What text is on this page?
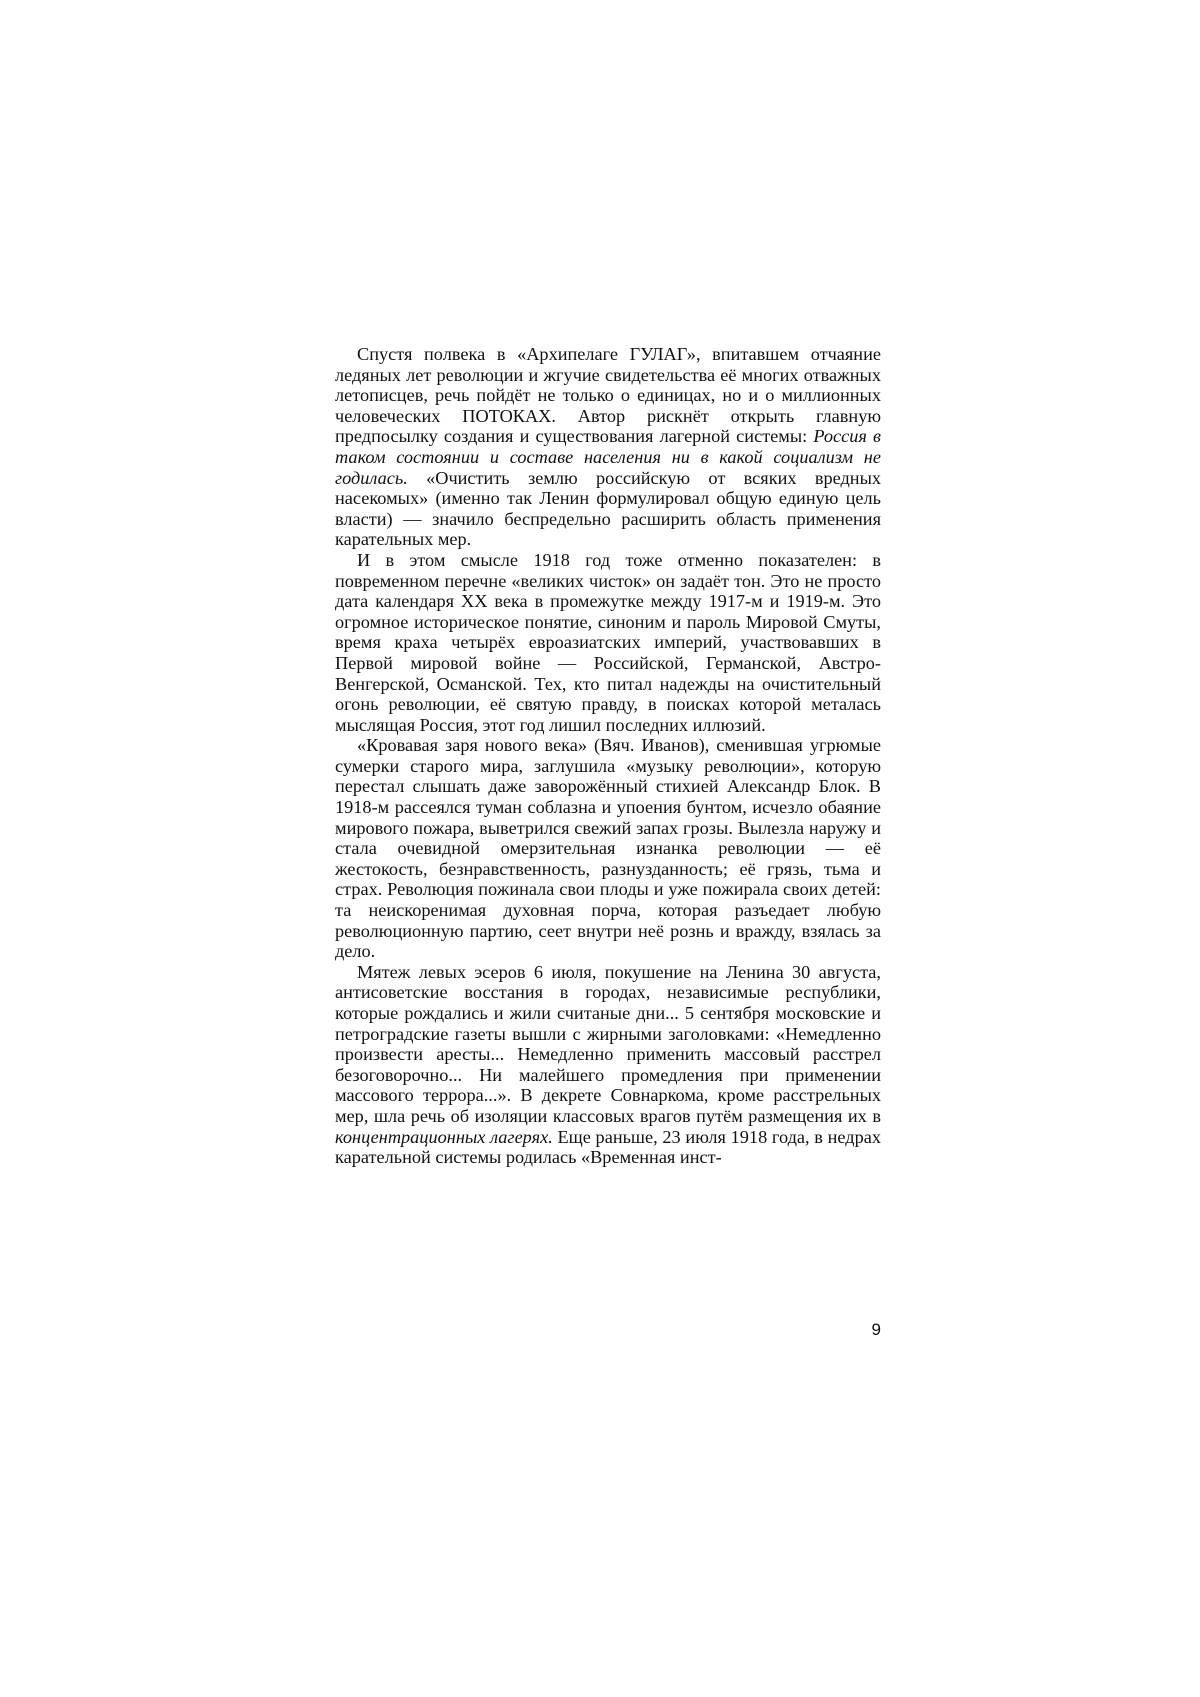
Спустя полвека в «Архипелаге ГУЛАГ», впитавшем отчаяние ледяных лет революции и жгучие свидетельства её многих отважных летописцев, речь пойдёт не только о единицах, но и о миллионных человеческих ПОТОКАХ. Автор рискнёт открыть главную предпосылку создания и существования лагерной системы: Россия в таком состоянии и составе населения ни в какой социализм не годилась. «Очистить землю российскую от всяких вредных насекомых» (именно так Ленин формулировал общую единую цель власти) — значило беспредельно расширить область применения карательных мер.

И в этом смысле 1918 год тоже отменно показателен: в повременном перечне «великих чисток» он задаёт тон. Это не просто дата календаря XX века в промежутке между 1917-м и 1919-м. Это огромное историческое понятие, синоним и пароль Мировой Смуты, время краха четырёх евроазиатских империй, участвовавших в Первой мировой войне — Российской, Германской, Австро-Венгерской, Османской. Тех, кто питал надежды на очистительный огонь революции, её святую правду, в поисках которой металась мыслящая Россия, этот год лишил последних иллюзий.

«Кровавая заря нового века» (Вяч. Иванов), сменившая угрюмые сумерки старого мира, заглушила «музыку революции», которую перестал слышать даже заворожённый стихией Александр Блок. В 1918-м рассеялся туман соблазна и упоения бунтом, исчезло обаяние мирового пожара, выветрился свежий запах грозы. Вылезла наружу и стала очевидной омерзительная изнанка революции — её жестокость, безнравственность, разнузданность; её грязь, тьма и страх. Революция пожинала свои плоды и уже пожирала своих детей: та неискоренимая духовная порча, которая разъедает любую революционную партию, сеет внутри неё рознь и вражду, взялась за дело.

Мятеж левых эсеров 6 июля, покушение на Ленина 30 августа, антисоветские восстания в городах, независимые республики, которые рождались и жили считаные дни... 5 сентября московские и петроградские газеты вышли с жирными заголовками: «Немедленно произвести аресты... Немедленно применить массовый расстрел безоговорочно... Ни малейшего промедления при применении массового террора...». В декрете Совнаркома, кроме расстрельных мер, шла речь об изоляции классовых врагов путём размещения их в концентрационных лагерях. Еще раньше, 23 июля 1918 года, в недрах карательной системы родилась «Временная инст-

9
